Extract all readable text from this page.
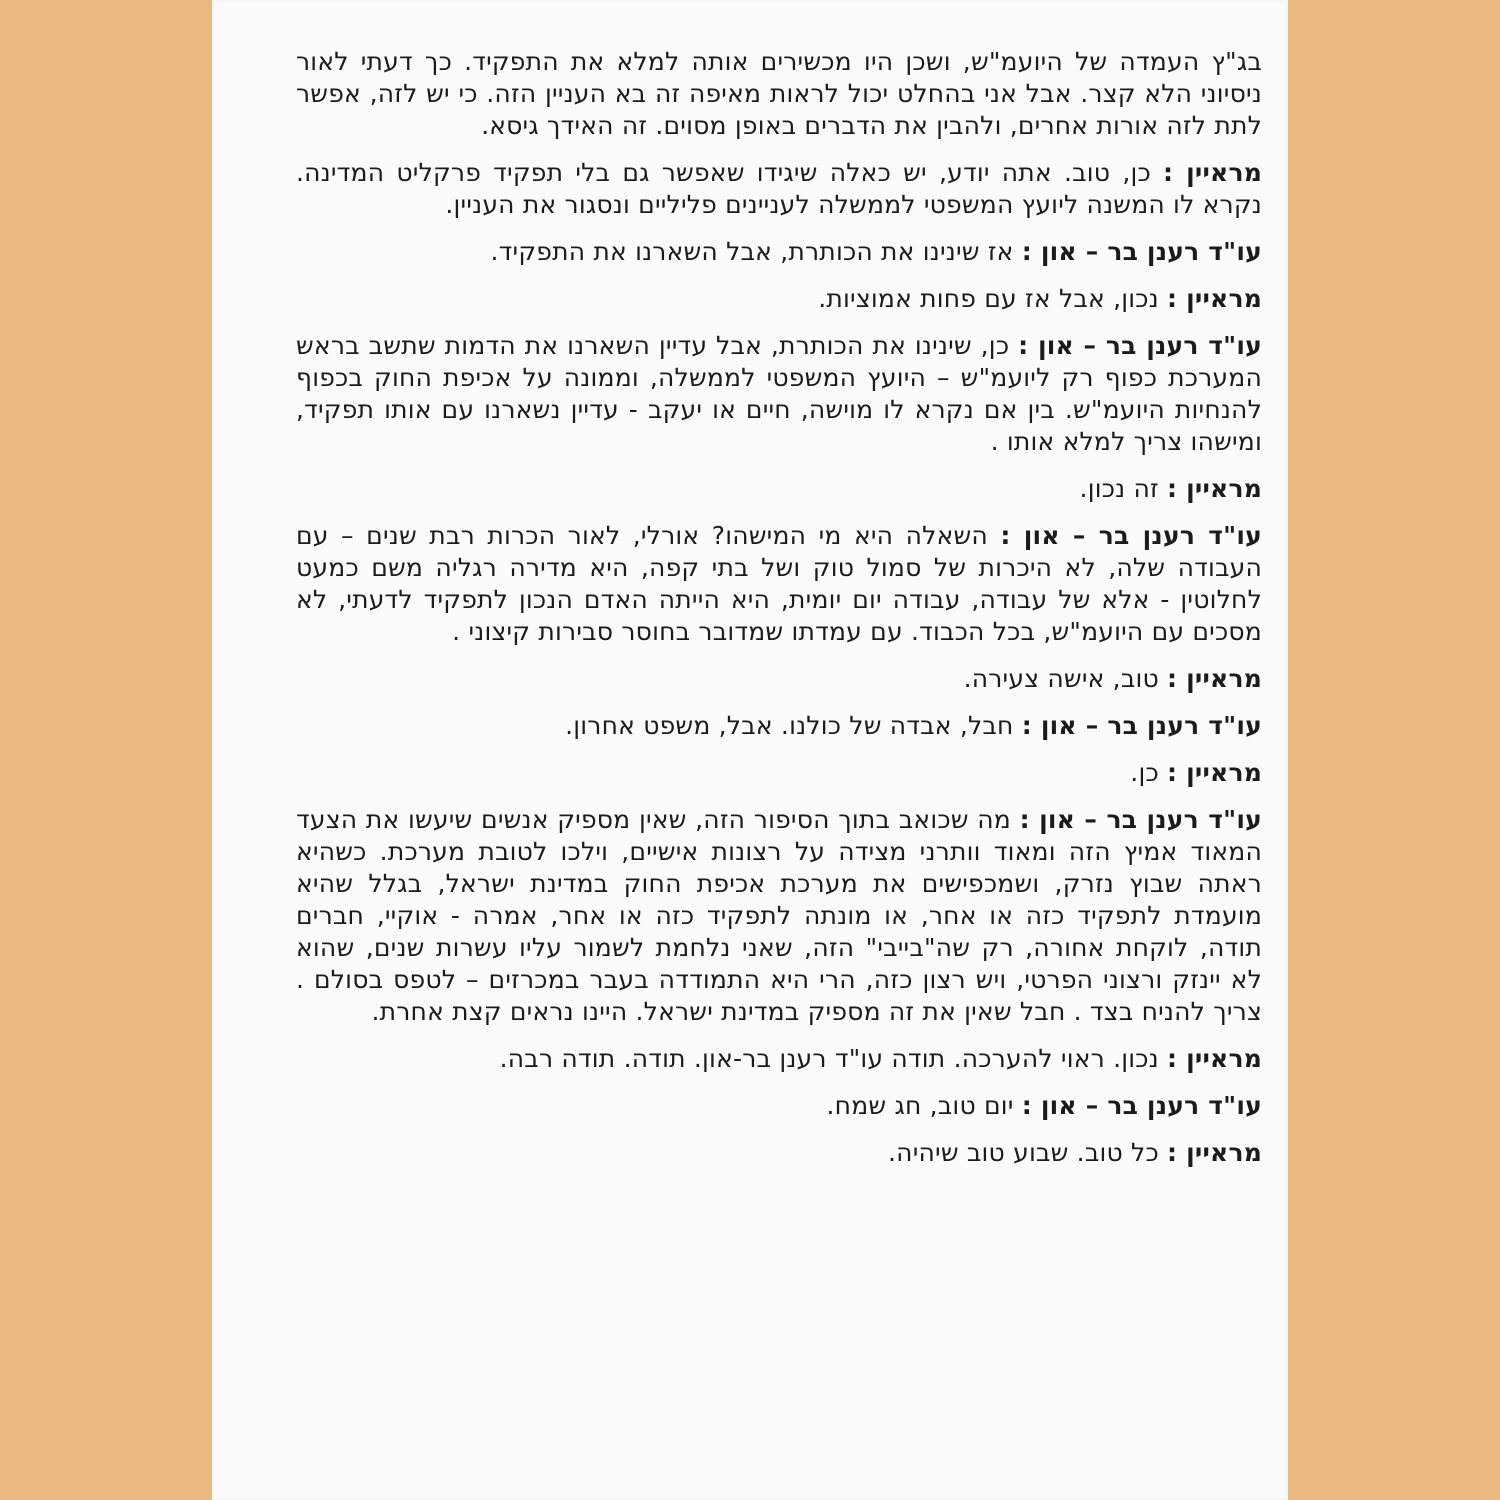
בג"ץ העמדה של היועמ"ש, ושכן היו מכשירים אותה למלא את התפקיד. כך דעתי לאור ניסיוני הלא קצר. אבל אני בהחלט יכול לראות מאיפה זה בא העניין הזה. כי יש לזה, אפשר לתת לזה אורות אחרים, ולהבין את הדברים באופן מסוים. זה האידך גיסא.

מראיין : כן, טוב. אתה יודע, יש כאלה שיגידו שאפשר גם בלי תפקיד פרקליט המדינה. נקרא לו המשנה ליועץ המשפטי לממשלה לעניינים פליליים ונסגור את העניין.

עו"ד רענן בר – און : אז שינינו את הכותרת, אבל השארנו את התפקיד.

מראיין : נכון, אבל אז עם פחות אמוציות.

עו"ד רענן בר – און : כן, שינינו את הכותרת, אבל עדיין השארנו את הדמות שתשב בראש המערכת כפוף רק ליועמ"ש – היועץ המשפטי לממשלה, וממונה על אכיפת החוק בכפוף להנחיות היועמ"ש. בין אם נקרא לו מוישה, חיים או יעקב - עדיין נשארנו עם אותו תפקיד, ומישהו צריך למלא אותו .

מראיין : זה נכון.

עו"ד רענן בר – און : השאלה היא מי המישהו? אורלי, לאור הכרות רבת שנים – עם העבודה שלה, לא היכרות של סמול טוק ושל בתי קפה, היא מדירה רגליה משם כמעט לחלוטין - אלא של עבודה, עבודה יום יומית, היא הייתה האדם הנכון לתפקיד לדעתי, לא מסכים עם היועמ"ש, בכל הכבוד. עם עמדתו שמדובר בחוסר סבירות קיצוני .

מראיין : טוב, אישה צעירה.

עו"ד רענן בר – און : חבל, אבדה של כולנו. אבל, משפט אחרון.

מראיין : כן.

עו"ד רענן בר – און : מה שכואב בתוך הסיפור הזה, שאין מספיק אנשים שיעשו את הצעד המאוד אמיץ הזה ומאוד וותרני מצידה על רצונות אישיים, וילכו לטובת מערכת. כשהיא ראתה שבוץ נזרק, ושמכפישים את מערכת אכיפת החוק במדינת ישראל, בגלל שהיא מועמדת לתפקיד כזה או אחר, או מונתה לתפקיד כזה או אחר, אמרה - אוקיי, חברים תודה, לוקחת אחורה, רק שה"בייבי" הזה, שאני נלחמת לשמור עליו עשרות שנים, שהוא לא יינזק ורצוני הפרטי, ויש רצון כזה, הרי היא התמודדה בעבר במכרזים – לטפס בסולם . צריך להניח בצד . חבל שאין את זה מספיק במדינת ישראל. היינו נראים קצת אחרת.

מראיין : נכון. ראוי להערכה. תודה עו"ד רענן בר-און. תודה. תודה רבה.

עו"ד רענן בר – און : יום טוב, חג שמח.

מראיין : כל טוב. שבוע טוב שיהיה.
